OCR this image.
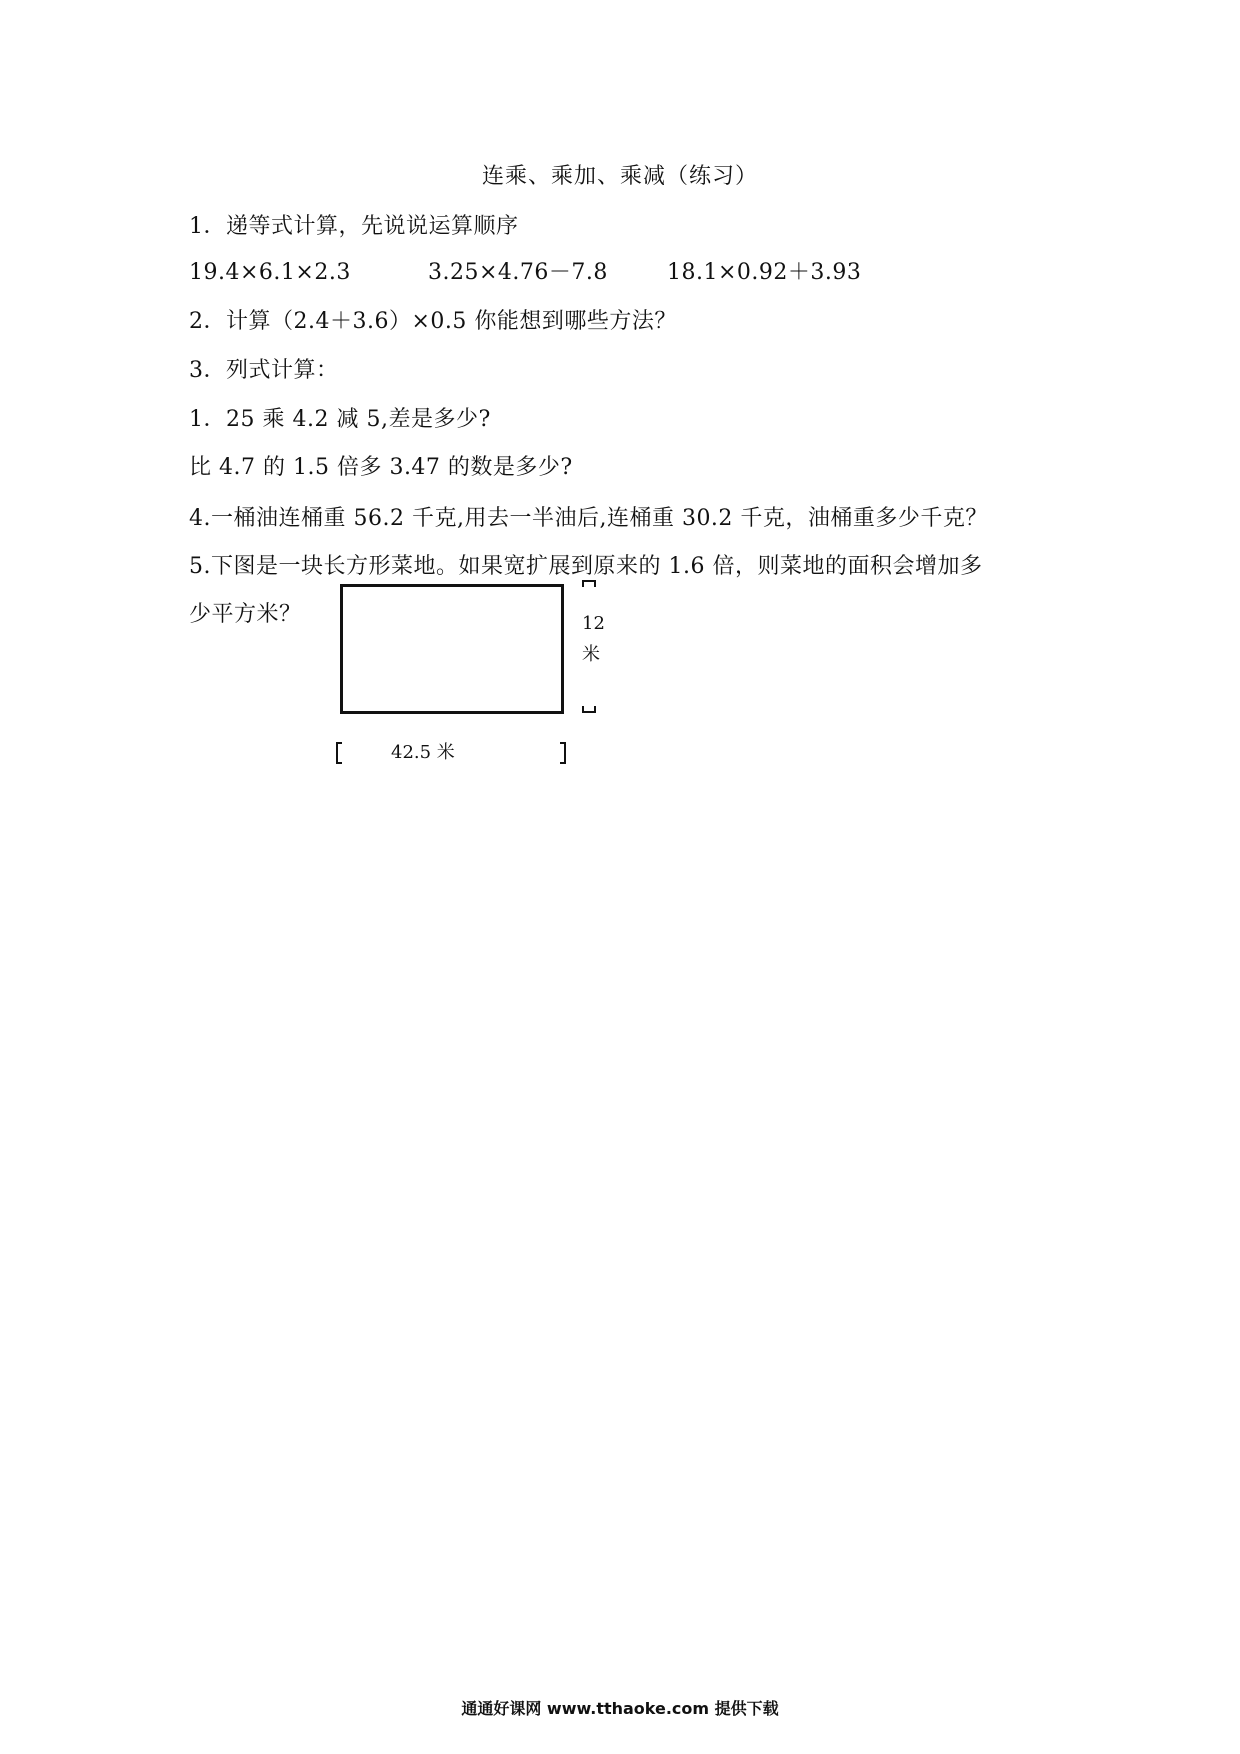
连乘、乘加、乘减（练习）
1．递等式计算，先说说运算顺序
19.4×6.1×2.3	3.25×4.76－7.8	18.1×0.92＋3.93
2．计算（2.4＋3.6）×0.5 你能想到哪些方法？
3．列式计算：
1．25 乘 4.2 减 5,差是多少?
比 4.7 的 1.5 倍多 3.47 的数是多少?
4.一桶油连桶重 56.2 千克,用去一半油后,连桶重 30.2 千克，油桶重多少千克？
5.下图是一块长方形菜地。如果宽扩展到原来的 1.6 倍，则菜地的面积会增加多
少平方米？	12
米
42.5 米
通通好课网 www.tthaoke.com 提供下载
